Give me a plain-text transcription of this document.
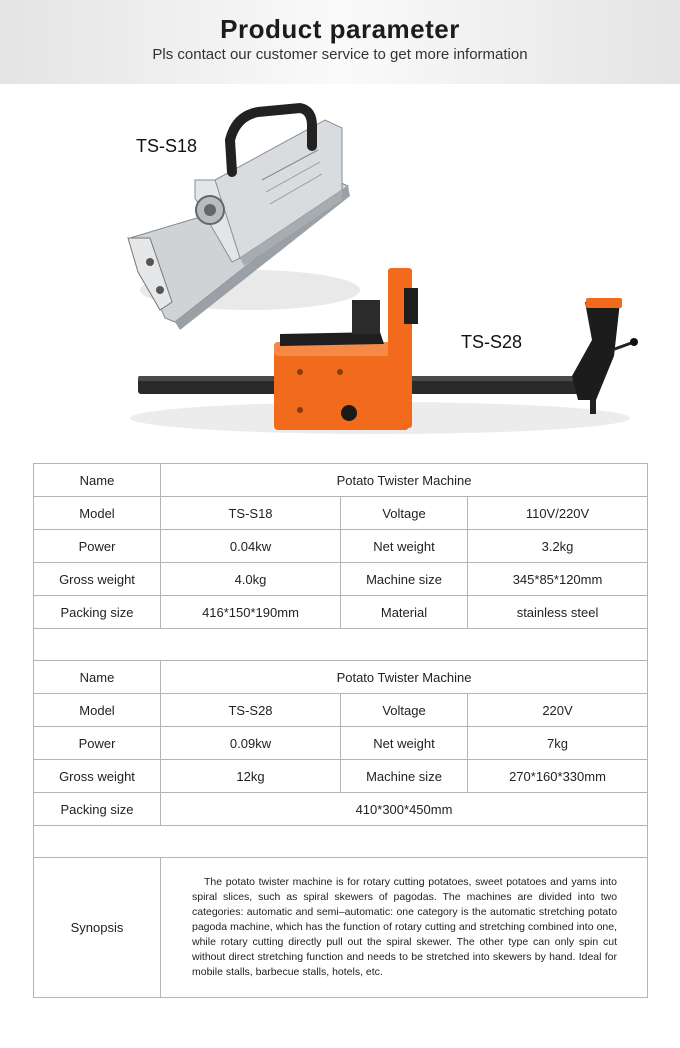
Product parameter
Pls contact our customer service to get more information
TS-S18
TS-S28
Name	Potato Twister Machine		
Model	TS-S18	Voltage	110V/220V
Power	0.04kw	Net weight	3.2kg
Gross weight	4.0kg	Machine size	345*85*120mm
Packing size	416*150*190mm	Material	stainless steel

Name	Potato Twister Machine		
Model	TS-S28	Voltage	220V
Power	0.09kw	Net weight	7kg
Gross weight	12kg	Machine size	270*160*330mm
Packing size	410*300*450mm		

Synopsis	The potato twister machine is for rotary cutting potatoes, sweet potatoes and yams into spiral slices, such as spiral skewers of pagodas. The machines are divided into two categories: automatic and semi–automatic: one category is the automatic stretching potato pagoda machine, which has the function of rotary cutting and stretching combined into one, while rotary cutting directly pull out the spiral skewer. The other type can only spin cut without direct stretching function and needs to be stretched into skewers by hand. Ideal for mobile stalls, barbecue stalls, hotels, etc.		
